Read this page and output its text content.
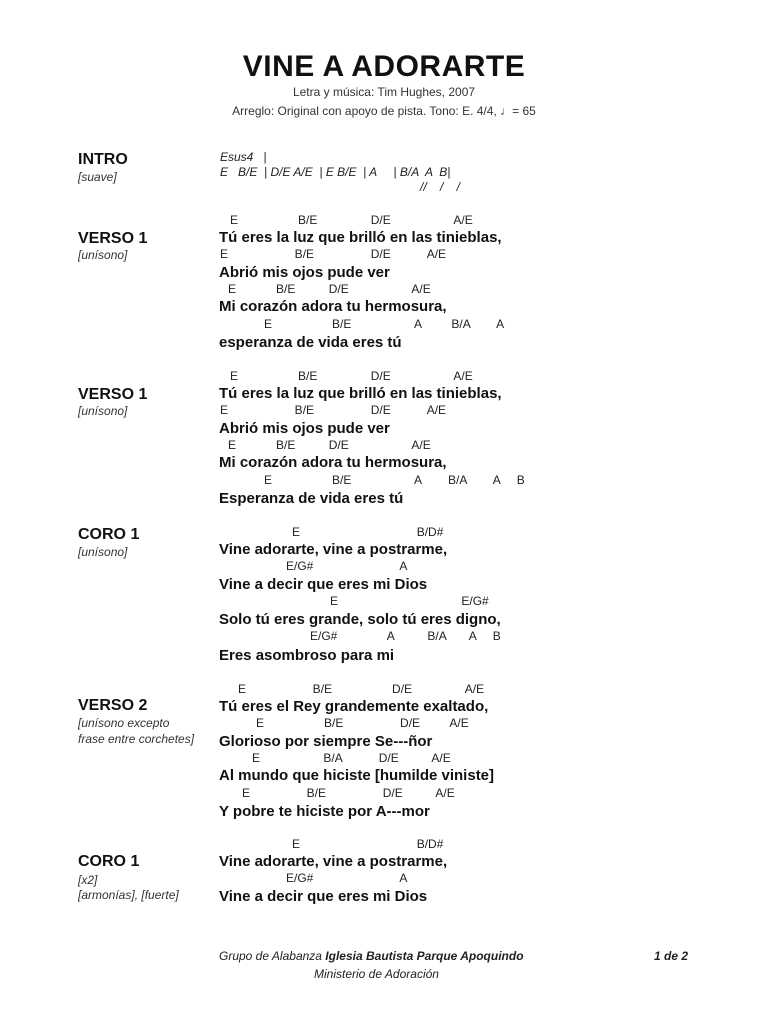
VINE A ADORARTE
Letra y música: Tim Hughes, 2007
Arreglo: Original con apoyo de pista. Tono: E. 4/4, ♩= 65
INTRO
[suave]
Esus4   |
E   B/E  | D/E A/E  | E B/E  | A     | B/A  A  B|
//    /    /
VERSO 1
[unísono]
E                  B/E                D/E                   A/E
Tú eres la luz que brilló en las tinieblas,
E                    B/E                 D/E           A/E
Abrió mis ojos pude ver
E            B/E          D/E                   A/E
Mi corazón adora tu hermosura,
E                  B/E                   A         B/A        A
esperanza de vida eres tú
VERSO 1
[unísono]
E                  B/E                D/E                   A/E
Tú eres la luz que brilló en las tinieblas,
E                    B/E                 D/E           A/E
Abrió mis ojos pude ver
E            B/E          D/E                   A/E
Mi corazón adora tu hermosura,
E                  B/E                   A        B/A        A     B
Esperanza de vida eres tú
CORO 1
[unísono]
E                                   B/D#
Vine adorarte, vine a postrarme,
E/G#                          A
Vine a decir que eres mi Dios
E                                     E/G#
Solo tú eres grande, solo tú eres digno,
E/G#               A          B/A       A     B
Eres asombroso para mi
VERSO 2
[unísono excepto
frase entre corchetes]
E                    B/E                  D/E                A/E
Tú eres el Rey grandemente exaltado,
E                  B/E                 D/E         A/E
Glorioso por siempre Se---ñor
E                   B/A           D/E          A/E
Al mundo que hiciste [humilde viniste]
E                 B/E                 D/E          A/E
Y pobre te hiciste por A---mor
CORO 1
[x2]
[armonías], [fuerte]
E                                   B/D#
Vine adorarte, vine a postrarme,
E/G#                          A
Vine a decir que eres mi Dios
Grupo de Alabanza Iglesia Bautista Parque Apoquindo
Ministerio de Adoración
1 de 2
